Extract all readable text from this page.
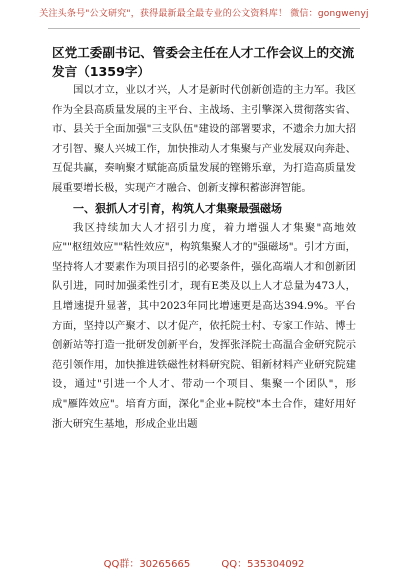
关注头条号"公文研究"，获得最新最全最专业的公文资料库！ 微信：gongwenyj
区党工委副书记、管委会主任在人才工作会议上的交流发言（1359字）

国以才立，业以才兴，人才是新时代创新创造的主力军。我区作为全县高质量发展的主平台、主战场、主引擎深入贯彻落实省、市、县关于全面加强"三支队伍"建设的部署要求，不遗余力加大招才引智、聚人兴城工作，加快推动人才集聚与产业发展双向奔赴、互促共赢，奏响聚才赋能高质量发展的铿锵乐章，为打造高质量发展重要增长极，实现产才融合、创新支撑积蓄澎湃智能。

一、狠抓人才引育，构筑人才集聚最强磁场

我区持续加大人才招引力度，着力增强人才集聚"高地效应""枢纽效应""粘性效应"，构筑集聚人才的"强磁场"。引才方面，坚持将人才要素作为项目招引的必要条件，强化高端人才和创新团队引进，同时加强柔性引才，现有E类及以上人才总量为473人，且增速提升显著，其中2023年同比增速更是高达394.9%。平台方面，坚持以产聚才、以才促产，依托院士村、专家工作站、博士创新站等打造一批研发创新平台，发挥张泽院士高温合金研究院示范引领作用，加快推进铁磁性材料研究院、钼新材料产业研究院建设，通过"引进一个人才、带动一个项目、集聚一个团队"，形成"雁阵效应"。培育方面，深化"企业+院校"本土合作，建好用好浙大研究生基地，形成企业出题

QQ群：30265665	QQ：535304092
